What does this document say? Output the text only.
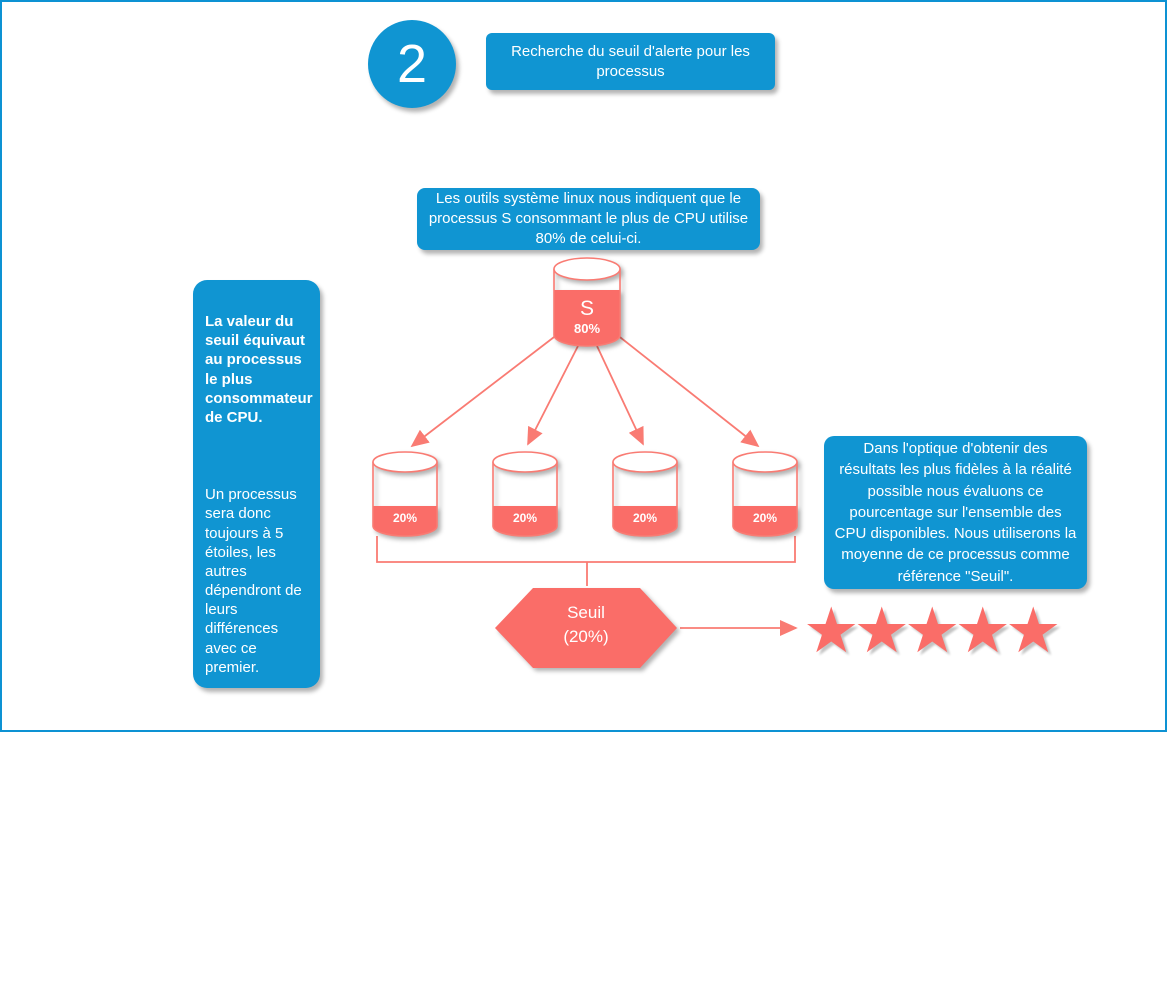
2	Recherche du seuil d'alerte pour les processus
Les outils système linux nous indiquent que le processus S consommant le plus de CPU utilise 80% de celui-ci.

La valeur du seuil équivaut au processus le plus consommateur de CPU.

Un processus sera donc toujours à 5 étoiles, les autres dépendront de leurs différences avec ce premier.

Dans l'optique d'obtenir des résultats les plus fidèles à la réalité possible nous évaluons ce pourcentage sur l'ensemble des CPU disponibles. Nous utiliserons la moyenne de ce processus comme référence "Seuil".
S
80%
20%	20%	20%	20%
Seuil
(20%)	★ ★ ★ ★ ★
